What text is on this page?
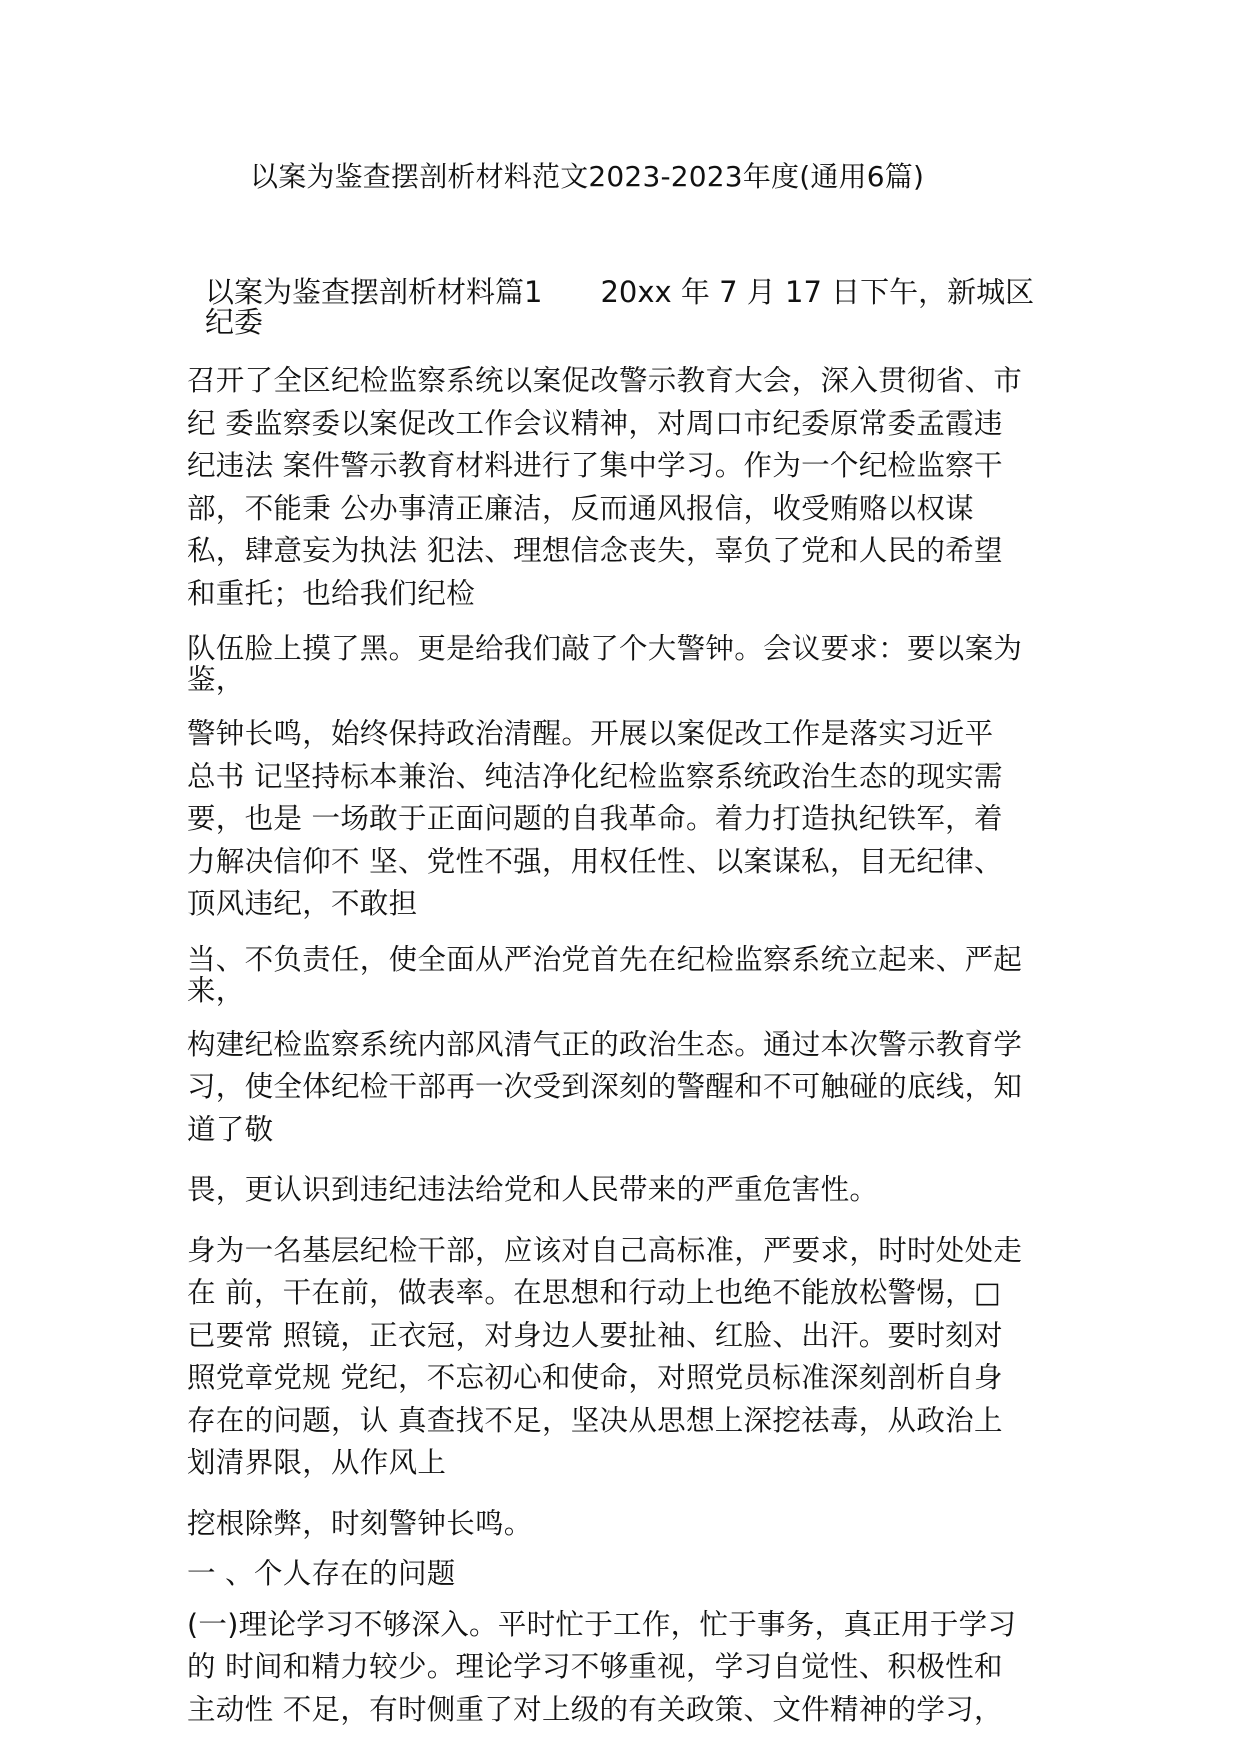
以案为鉴查摆剖析材料范文2023-2023年度(通用6篇)
以案为鉴查摆剖析材料篇1　　20xx 年 7 月 17 日下午，新城区
纪委
召开了全区纪检监察系统以案促改警示教育大会，深入贯彻省、市
纪 委监察委以案促改工作会议精神，对周口市纪委原常委孟霞违
纪违法 案件警示教育材料进行了集中学习。作为一个纪检监察干
部，不能秉 公办事清正廉洁，反而通风报信，收受贿赂以权谋
私，肆意妄为执法 犯法、理想信念丧失，辜负了党和人民的希望
和重托；也给我们纪检
队伍脸上摸了黑。更是给我们敲了个大警钟。会议要求：要以案为
鉴，
警钟长鸣，始终保持政治清醒。开展以案促改工作是落实习近平
总书 记坚持标本兼治、纯洁净化纪检监察系统政治生态的现实需
要，也是 一场敢于正面问题的自我革命。着力打造执纪铁军，着
力解决信仰不 坚、党性不强，用权任性、以案谋私，目无纪律、
顶风违纪，不敢担
当、不负责任，使全面从严治党首先在纪检监察系统立起来、严起
来，
构建纪检监察系统内部风清气正的政治生态。通过本次警示教育学
习，使全体纪检干部再一次受到深刻的警醒和不可触碰的底线，知
道了敬
畏，更认识到违纪违法给党和人民带来的严重危害性。
身为一名基层纪检干部，应该对自己高标准，严要求，时时处处走
在 前，干在前，做表率。在思想和行动上也绝不能放松警惕，□
已要常 照镜，正衣冠，对身边人要扯袖、红脸、出汗。要时刻对
照党章党规 党纪，不忘初心和使命，对照党员标准深刻剖析自身
存在的问题，认 真查找不足，坚决从思想上深挖祛毒，从政治上
划清界限，从作风上
挖根除弊，时刻警钟长鸣。
一 、个人存在的问题
(一)理论学习不够深入。平时忙于工作，忙于事务，真正用于学习
的 时间和精力较少。理论学习不够重视，学习自觉性、积极性和
主动性 不足，有时侧重了对上级的有关政策、文件精神的学习，
